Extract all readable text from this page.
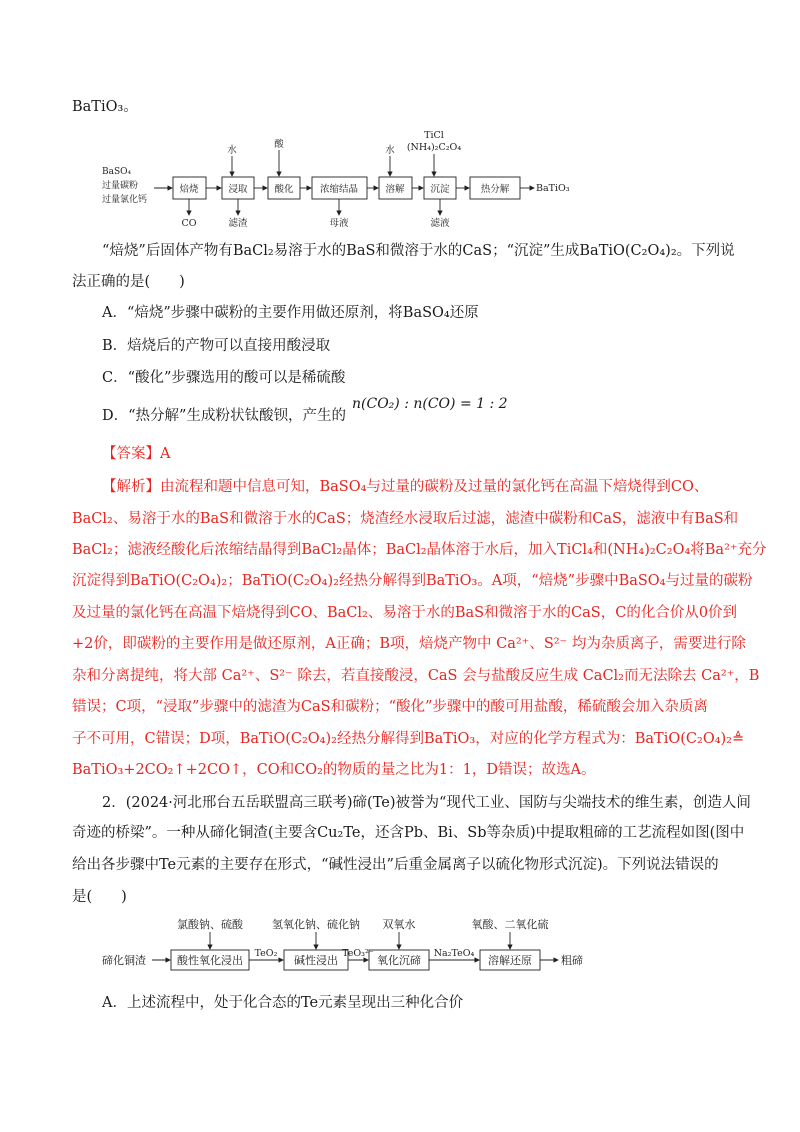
BaTiO₃。
BaSO₄
过量碳粉
过量氯化钙
焙烧	浸取	酸化	浓缩结晶	溶解	沉淀	热分解
水
酸
水
TiCl
(NH₄)₂C₂O₄
CO	滤渣	母液	滤液
BaTiO₃
“焙烧”后固体产物有BaCl₂易溶于水的BaS和微溶于水的CaS；“沉淀”生成BaTiO(C₂O₄)₂。下列说
法正确的是(　　)
A．“焙烧”步骤中碳粉的主要作用做还原剂，将BaSO₄还原
B．焙烧后的产物可以直接用酸浸取
C．“酸化”步骤选用的酸可以是稀硫酸
D．“热分解”生成粉状钛酸钡，产生的
n(CO₂) : n(CO) = 1 : 2
【答案】A
【解析】由流程和题中信息可知，BaSO₄与过量的碳粉及过量的氯化钙在高温下焙烧得到CO、
BaCl₂、易溶于水的BaS和微溶于水的CaS；烧渣经水浸取后过滤，滤渣中碳粉和CaS，滤液中有BaS和
BaCl₂；滤液经酸化后浓缩结晶得到BaCl₂晶体；BaCl₂晶体溶于水后，加入TiCl₄和(NH₄)₂C₂O₄将Ba²⁺充分
沉淀得到BaTiO(C₂O₄)₂；BaTiO(C₂O₄)₂经热分解得到BaTiO₃。A项，“焙烧”步骤中BaSO₄与过量的碳粉
及过量的氯化钙在高温下焙烧得到CO、BaCl₂、易溶于水的BaS和微溶于水的CaS，C的化合价从0价到
+2价，即碳粉的主要作用是做还原剂，A正确；B项，焙烧产物中 Ca²⁺、S²⁻ 均为杂质离子，需要进行除
杂和分离提纯，将大部 Ca²⁺、S²⁻ 除去，若直接酸浸，CaS 会与盐酸反应生成 CaCl₂而无法除去 Ca²⁺，B
错误；C项，“浸取”步骤中的滤渣为CaS和碳粉；“酸化”步骤中的酸可用盐酸，稀硫酸会加入杂质离
子不可用，C错误；D项，BaTiO(C₂O₄)₂经热分解得到BaTiO₃，对应的化学方程式为：BaTiO(C₂O₄)₂≜
BaTiO₃+2CO₂↑+2CO↑，CO和CO₂的物质的量之比为1：1，D错误；故选A。
2．(2024·河北邢台五岳联盟高三联考)碲(Te)被誉为“现代工业、国防与尖端技术的维生素，创造人间
奇迹的桥梁”。一种从碲化铜渣(主要含Cu₂Te，还含Pb、Bi、Sb等杂质)中提取粗碲的工艺流程如图(图中
给出各步骤中Te元素的主要存在形式，“碱性浸出”后重金属离子以硫化物形式沉淀)。下列说法错误的
是(　　)
碲化铜渣	粗碲
酸性氧化浸出	碱性浸出	氧化沉碲	溶解还原
氯酸钠、硫酸	氢氧化钠、硫化钠 双氧水	氧酸、二氧化硫
TeO₂	TeO₃²⁻	Na₂TeO₄
A．上述流程中，处于化合态的Te元素呈现出三种化合价
